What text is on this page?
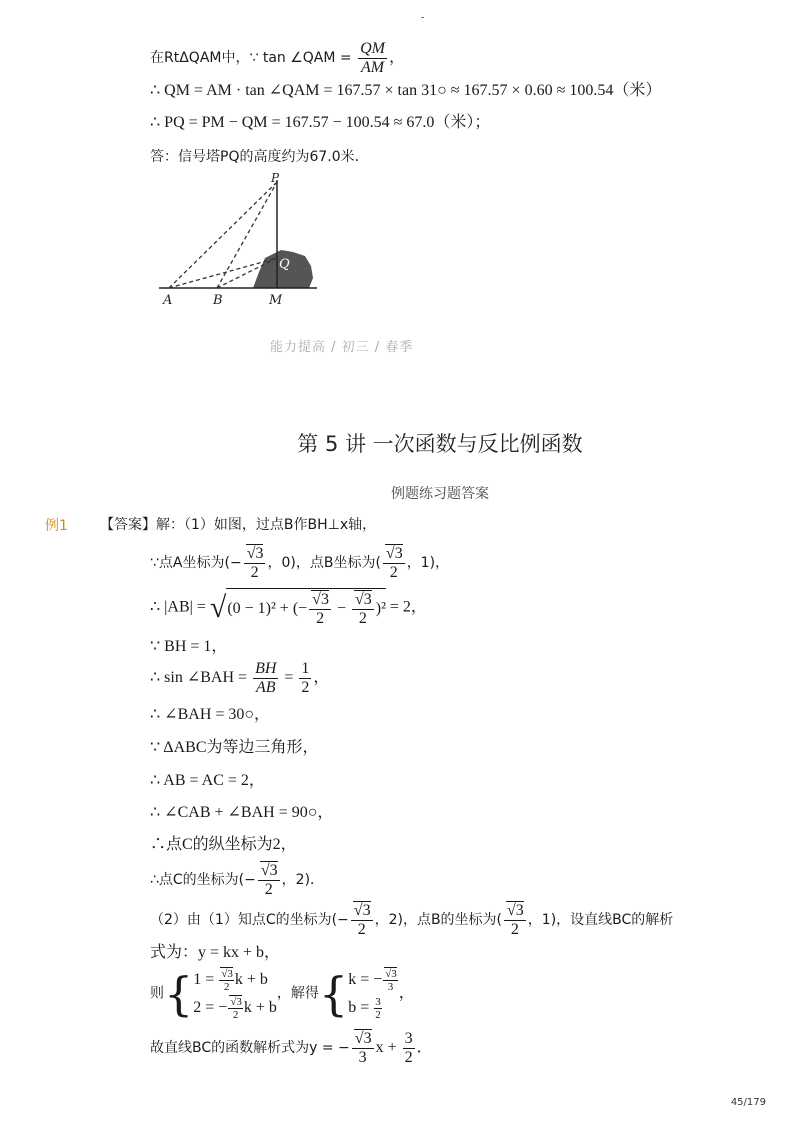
-
在RtΔQAM中，∵ tan ∠QAM = $\frac{QM}{AM}$ ，
∴ QM = AM · tan ∠QAM = 167.57 × tan 31○ ≈ 167.57 × 0.60 ≈ 100.54（米）
∴ PQ = PM − QM = 167.57 − 100.54 ≈ 67.0（米）；
答：信号塔PQ的高度约为67.0米．
P
Q
A	B	M
能力提高 / 初三 / 春季
第 5 讲 一次函数与反比例函数
例题练习题答案
例1 【答案】解：（1）如图，过点B作BH⊥x轴，
∵点A坐标为(− $\frac{√3}{2}$ ，0)，点B坐标为( $\frac{√3}{2}$ ，1)，
∴ |AB| = √(0 − 1)² + (− $\frac{√3}{2} - \frac{√3}{2} )^2 = 2$，
∵ BH = 1，
∴ sin ∠BAH = $\frac{BH}{AB} = \frac{1}{2}$ ，
∴ ∠BAH = 30○，
∵ ΔABC为等边三角形，
∴ AB = AC = 2，
∴ ∠CAB + ∠BAH = 90○，
∴点C的纵坐标为2，
∴点C的坐标为(− $\frac{√3}{2}$ ，2)．
（2）由（1）知点C的坐标为(− $\frac{√3}{2}$ ，2)，点B的坐标为( $\frac{√3}{2}$ ，1)，设直线BC的解析
式为：y = kx + b，
则{ $1 = \frac{√3}{2}$ k + b
2 = − $\frac{√3}{2}$ k + b
，解得{ k = − $\frac{√3}{3}$
$b = \frac{3}{2}$
，
故直线BC的函数解析式为y = − $\frac{√3}{3}$ $x + \frac{3}{2}$ ．
45/179
